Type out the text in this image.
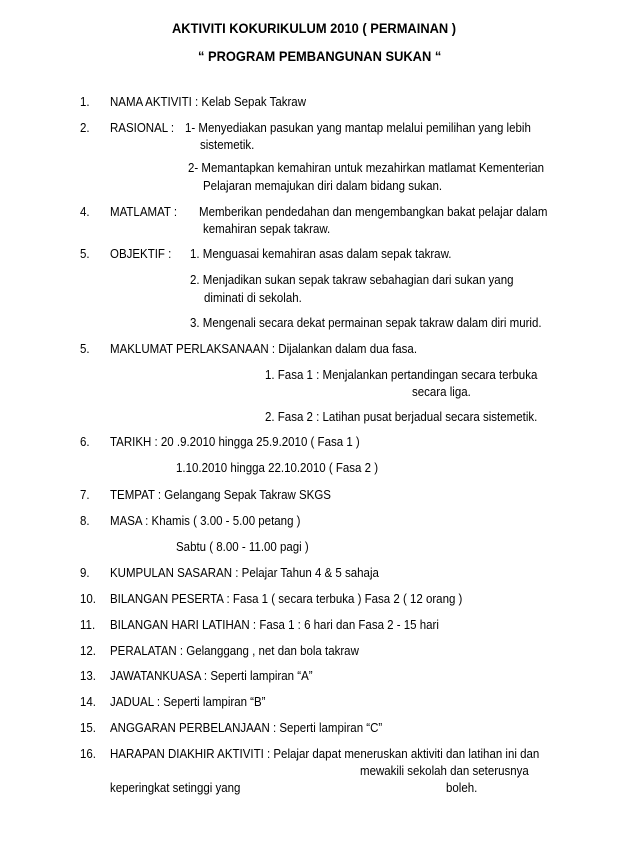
AKTIVITI KOKURIKULUM 2010 ( PERMAINAN )
“ PROGRAM PEMBANGUNAN SUKAN “
1. NAMA AKTIVITI : Kelab Sepak Takraw
2. RASIONAL : 1- Menyediakan pasukan yang mantap melalui pemilihan yang lebih
sistemetik.
2- Memantapkan kemahiran untuk mezahirkan matlamat Kementerian
Pelajaran memajukan diri dalam bidang sukan.
4. MATLAMAT : Memberikan pendedahan dan mengembangkan bakat pelajar dalam
kemahiran sepak takraw.
5. OBJEKTIF : 1. Menguasai kemahiran asas dalam sepak takraw.
2. Menjadikan sukan sepak takraw sebahagian dari sukan yang
diminati di sekolah.
3. Mengenali secara dekat permainan sepak takraw dalam diri murid.
5. MAKLUMAT PERLAKSANAAN : Dijalankan dalam dua fasa.
1. Fasa 1 : Menjalankan pertandingan secara terbuka
secara liga.
2. Fasa 2 : Latihan pusat berjadual secara sistemetik.
6. TARIKH : 20 .9.2010 hingga 25.9.2010 ( Fasa 1 )
1.10.2010 hingga 22.10.2010 ( Fasa 2 )
7. TEMPAT : Gelangang Sepak Takraw SKGS
8. MASA : Khamis ( 3.00 - 5.00 petang )
Sabtu ( 8.00 - 11.00 pagi )
9. KUMPULAN SASARAN : Pelajar Tahun 4 & 5 sahaja
10. BILANGAN PESERTA : Fasa 1 ( secara terbuka ) Fasa 2 ( 12 orang )
11. BILANGAN HARI LATIHAN : Fasa 1 : 6 hari dan Fasa 2 - 15 hari
12. PERALATAN : Gelanggang , net dan bola takraw
13. JAWATANKUASA : Seperti lampiran “A”
14. JADUAL : Seperti lampiran “B”
15. ANGGARAN PERBELANJAAN : Seperti lampiran “C”
16. HARAPAN DIAKHIR AKTIVITI : Pelajar dapat meneruskan aktiviti dan latihan ini dan
mewakili sekolah dan seterusnya
keperingkat setinggi yang	boleh.
